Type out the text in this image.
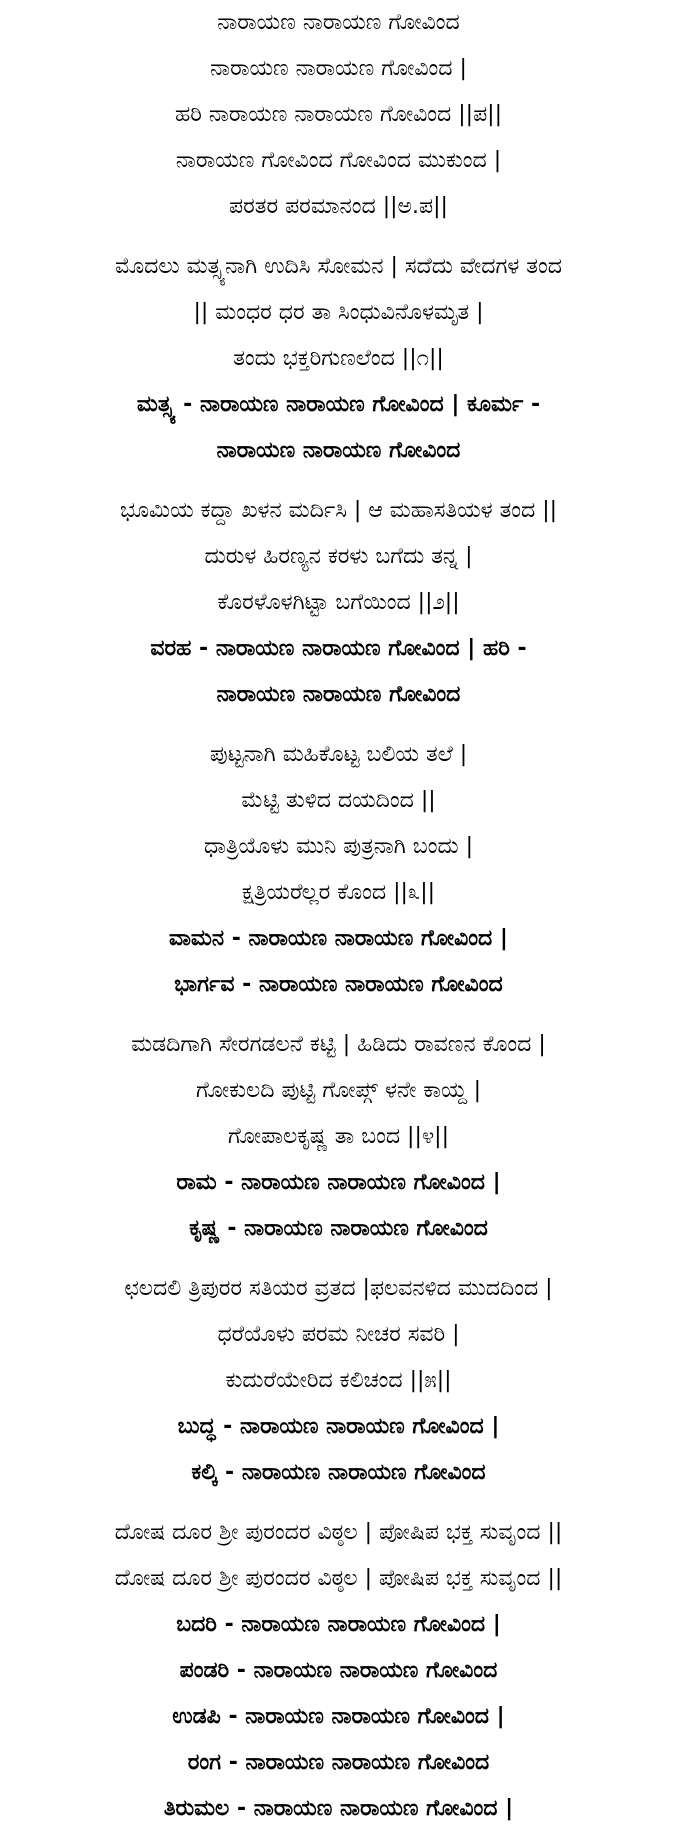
ನಾರಾಯಣ ನಾರಾಯಣ ಗೋವಿಂದ
ನಾರಾಯಣ ನಾರಾಯಣ ಗೋವಿಂದ |
ಹರಿ ನಾರಾಯಣ ನಾರಾಯಣ ಗೋವಿಂದ ||ಪ||
ನಾರಾಯಣ ಗೋವಿಂದ ಗೋವಿಂದ ಮುಕುಂದ |
ಪರತರ ಪರಮಾನಂದ ||ಅ.ಪ||
ಮೊದಲು ಮತ್ಸ್ಯನಾಗಿ ಉದಿಸಿ ಸೋಮನ | ಸದೆದು ವೇದಗಳ ತಂದ
|| ಮಂಧರ ಧರ ತಾ ಸಿಂಧುವಿನೊಳಮೃತ |
ತಂದು ಭಕ್ತರಿಗುಣಲೆಂದ ||೧||
ಮತ್ಸ್ಯ - ನಾರಾಯಣ ನಾರಾಯಣ ಗೋವಿಂದ | ಕೂರ್ಮ -
ನಾರಾಯಣ ನಾರಾಯಣ ಗೋವಿಂದ
ಭೂಮಿಯ ಕದ್ದಾ ಖಳನ ಮರ್ದಿಸಿ | ಆ ಮಹಾಸತಿಯಳ ತಂದ ||
ದುರುಳ ಹಿರಣ್ಯನ ಕರಳು ಬಗೆದು ತನ್ನ |
ಕೊರಳೊಳಗಿಟ್ಟಾ ಬಗೆಯಿಂದ ||೨||
ವರಹ - ನಾರಾಯಣ ನಾರಾಯಣ ಗೋವಿಂದ | ಹರಿ -
ನಾರಾಯಣ ನಾರಾಯಣ ಗೋವಿಂದ
ಪುಟ್ಟನಾಗಿ ಮಹಿಕೊಟ್ಟ ಬಲಿಯ ತಲೆ |
ಮೆಟ್ಟಿ ತುಳಿದ ದಯದಿಂದ ||
ಧಾತ್ರಿಯೊಳು ಮುನಿ ಪುತ್ರನಾಗಿ ಬಂದು |
ಕ್ಷತ್ರಿಯರೆಲ್ಲರ ಕೊಂದ ||೩||
ವಾಮನ - ನಾರಾಯಣ ನಾರಾಯಣ ಗೋವಿಂದ |
ಭಾರ್ಗವ - ನಾರಾಯಣ ನಾರಾಯಣ ಗೋವಿಂದ
ಮಡದಿಗಾಗಿ ಸೇರಗಡಲನೆ ಕಟ್ಟಿ | ಹಿಡಿದು ರಾವಣನ ಕೊಂದ |
ಗೋಕುಲದಿ ಪುಟ್ಟಿ ಗೋಪ್ಗ್ ಳನೇ ಕಾಯ್ದ |
ಗೋಪಾಲಕೃಷ್ಣ ತಾ ಬಂದ ||೪||
ರಾಮ - ನಾರಾಯಣ ನಾರಾಯಣ ಗೋವಿಂದ |
ಕೃಷ್ಣ - ನಾರಾಯಣ ನಾರಾಯಣ ಗೋವಿಂದ
ಛಲದಲಿ ತ್ರಿಪುರರ ಸತಿಯರ ವ್ರತದ |ಫಲವನಳಿದ ಮುದದಿಂದ |
ಧರೆಯೊಳು ಪರಮ ನೀಚರ ಸವರಿ |
ಕುದುರೆಯೇರಿದ ಕಲಿಚಂದ ||೫||
ಬುದ್ಧ - ನಾರಾಯಣ ನಾರಾಯಣ ಗೋವಿಂದ |
ಕಲ್ಕಿ - ನಾರಾಯಣ ನಾರಾಯಣ ಗೋವಿಂದ
ದೋಷ ದೂರ ಶ್ರೀ ಪುರಂದರ ವಿಠ್ಠಲ | ಪೋಷಿಪ ಭಕ್ತ ಸುವೃಂದ ||
ದೋಷ ದೂರ ಶ್ರೀ ಪುರಂದರ ವಿಠ್ಠಲ | ಪೋಷಿಪ ಭಕ್ತ ಸುವೃಂದ ||
ಬದರಿ - ನಾರಾಯಣ ನಾರಾಯಣ ಗೋವಿಂದ |
ಪಂಡರಿ - ನಾರಾಯಣ ನಾರಾಯಣ ಗೋವಿಂದ
ಉಡಪಿ - ನಾರಾಯಣ ನಾರಾಯಣ ಗೋವಿಂದ |
ರಂಗ - ನಾರಾಯಣ ನಾರಾಯಣ ಗೋವಿಂದ
ತಿರುಮಲ - ನಾರಾಯಣ ನಾರಾಯಣ ಗೋವಿಂದ |
